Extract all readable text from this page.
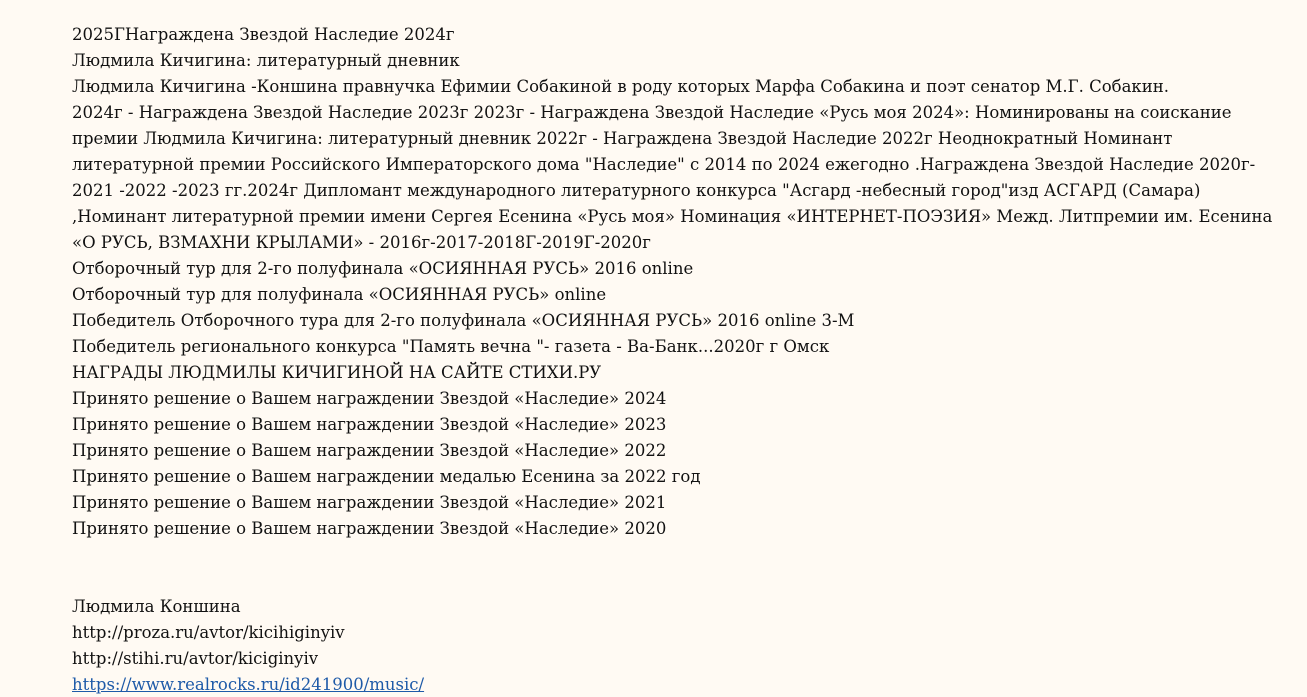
2025ГНаграждена Звездой Наследие 2024г
Людмила Кичигина: литературный дневник
Людмила Кичигина -Коншина правнучка Ефимии Собакиной в роду которых Марфа Собакина и поэт сенатор М.Г. Собакин.
2024г - Награждена Звездой Наследие 2023г 2023г - Награждена Звездой Наследие «Русь моя 2024»: Номинированы на соискание премии Людмила Кичигина: литературный дневник 2022г - Награждена Звездой Наследие 2022г Неоднократный Номинант литературной премии Российского Императорского дома "Наследие" с 2014 по 2024 ежегодно .Награждена Звездой Наследие 2020г- 2021 -2022 -2023 гг.2024г Дипломант международного литературного конкурса "Асгард -небесный город"изд АСГАРД (Самара) ,Номинант литературной премии имени Сергея Есенина «Русь моя» Номинация «ИНТЕРНЕТ-ПОЭЗИЯ» Межд. Литпремии им. Есенина «О РУСЬ, ВЗМАХНИ КРЫЛАМИ» - 2016г-2017-2018Г-2019Г-2020г
Отборочный тур для 2-го полуфинала «ОСИЯННАЯ РУСЬ» 2016 online
Отборочный тур для полуфинала «ОСИЯННАЯ РУСЬ» online
Победитель Отборочного тура для 2-го полуфинала «ОСИЯННАЯ РУСЬ» 2016 online 3-М
Победитель регионального конкурса "Память вечна "- газета - Ва-Банк...2020г г Омск
НАГРАДЫ ЛЮДМИЛЫ КИЧИГИНОЙ НА САЙТЕ СТИХИ.РУ
Принято решение о Вашем награждении Звездой «Наследие» 2024
Принято решение о Вашем награждении Звездой «Наследие» 2023
Принято решение о Вашем награждении Звездой «Наследие» 2022
Принято решение о Вашем награждении медалью Есенина за 2022 год
Принято решение о Вашем награждении Звездой «Наследие» 2021
Принято решение о Вашем награждении Звездой «Наследие» 2020
Людмила Коншина
http://proza.ru/avtor/kicihiginyiv
http://stihi.ru/avtor/kiciginyiv
https://www.realrocks.ru/id241900/music/
